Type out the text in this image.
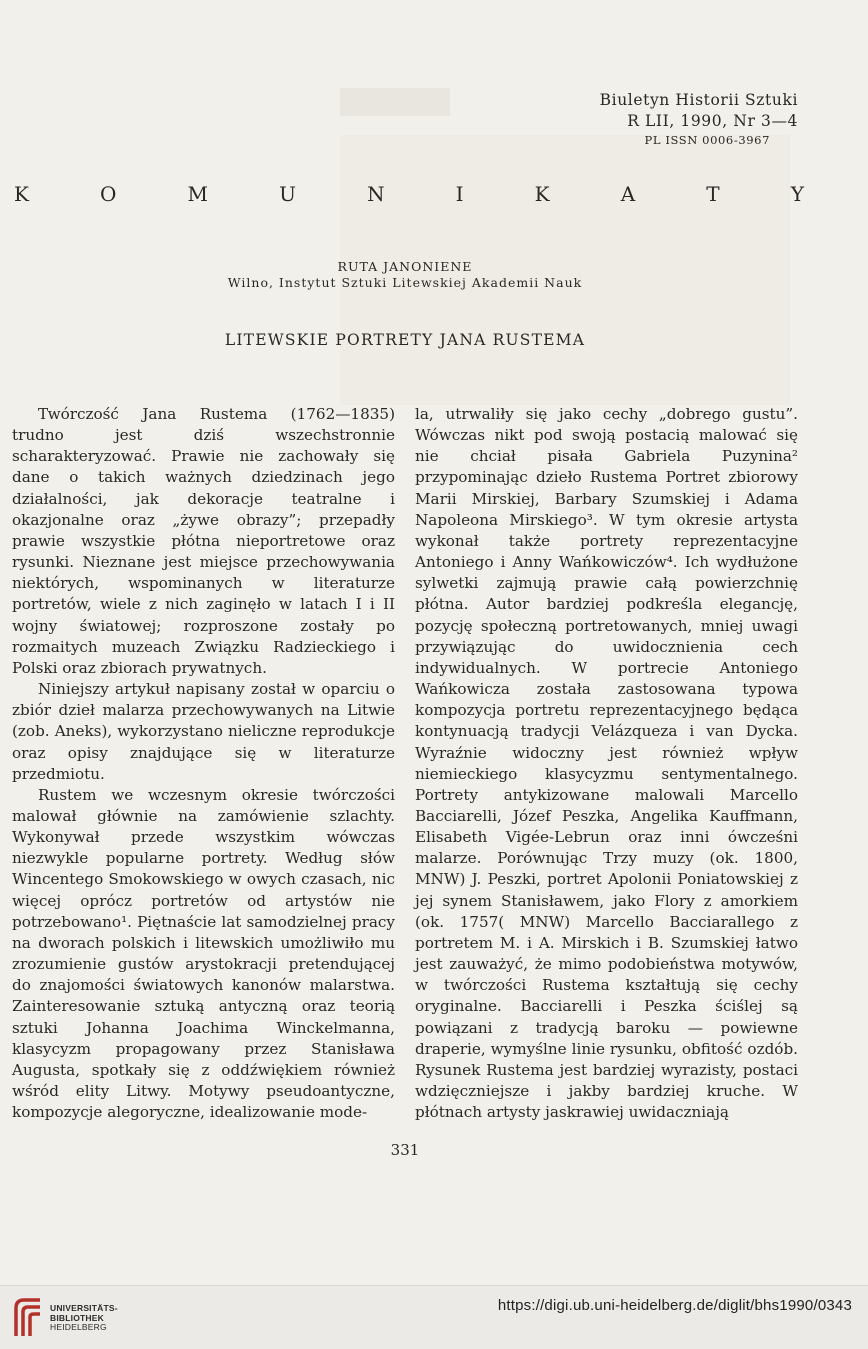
Biuletyn Historii Sztuki
R LII, 1990, Nr 3—4
PL ISSN 0006-3967
K	O	M	U	N	I	K	A	T	Y
RUTA JANONIENE
Wilno, Instytut Sztuki Litewskiej Akademii Nauk
LITEWSKIE PORTRETY JANA RUSTEMA

Twórczość Jana Rustema (1762—1835) trudno jest dziś wszechstronnie scharakteryzować. Prawie nie zachowały się dane o takich ważnych dziedzinach jego działalności, jak dekoracje teatralne i okazjonalne oraz „żywe obrazy”; przepadły prawie wszystkie płótna nieportretowe oraz rysunki. Nieznane jest miejsce przechowywania niektórych, wspominanych w literaturze portretów, wiele z nich zaginęło w latach I i II wojny światowej; rozproszone zostały po rozmaitych muzeach Związku Radzieckiego i Polski oraz zbiorach prywatnych.

Niniejszy artykuł napisany został w oparciu o zbiór dzieł malarza przechowywanych na Litwie (zob. Aneks), wykorzystano nieliczne reprodukcje oraz opisy znajdujące się w literaturze przedmiotu.

Rustem we wczesnym okresie twórczości malował głównie na zamówienie szlachty. Wykonywał przede wszystkim wówczas niezwykle popularne portrety. Według słów Wincentego Smokowskiego w owych czasach, nic więcej oprócz portretów od artystów nie potrzebowano¹. Piętnaście lat samodzielnej pracy na dworach polskich i litewskich umożliwiło mu zrozumienie gustów arystokracji pretendującej do znajomości światowych kanonów malarstwa. Zainteresowanie sztuką antyczną oraz teorią sztuki Johanna Joachima Winckelmanna, klasycyzm propagowany przez Stanisława Augusta, spotkały się z oddźwiękiem również wśród elity Litwy. Motywy pseudoantyczne, kompozycje alegoryczne, idealizowanie mode-

la, utrwaliły się jako cechy „dobrego gustu”. Wówczas nikt pod swoją postacią malować się nie chciał pisała Gabriela Puzynina² przypominając dzieło Rustema Portret zbiorowy Marii Mirskiej, Barbary Szumskiej i Adama Napoleona Mirskiego³. W tym okresie artysta wykonał także portrety reprezentacyjne Antoniego i Anny Wańkowiczów⁴. Ich wydłużone sylwetki zajmują prawie całą powierzchnię płótna. Autor bardziej podkreśla elegancję, pozycję społeczną portretowanych, mniej uwagi przywiązując do uwidocznienia cech indywidualnych. W portrecie Antoniego Wańkowicza została zastosowana typowa kompozycja portretu reprezentacyjnego będąca kontynuacją tradycji Velázqueza i van Dycka. Wyraźnie widoczny jest również wpływ niemieckiego klasycyzmu sentymentalnego. Portrety antykizowane malowali Marcello Bacciarelli, Józef Peszka, Angelika Kauffmann, Elisabeth Vigée-Lebrun oraz inni ówcześni malarze. Porównując Trzy muzy (ok. 1800, MNW) J. Peszki, portret Apolonii Poniatowskiej z jej synem Stanisławem, jako Flory z amorkiem (ok. 1757( MNW) Marcello Bacciarallego z portretem M. i A. Mirskich i B. Szumskiej łatwo jest zauważyć, że mimo podobieństwa motywów, w twórczości Rustema kształtują się cechy oryginalne. Bacciarelli i Peszka ściślej są powiązani z tradycją baroku — powiewne draperie, wymyślne linie rysunku, obfitość ozdób. Rysunek Rustema jest bardziej wyrazisty, postaci wdzięczniejsze i jakby bardziej kruche. W płótnach artysty jaskrawiej uwidaczniają

331
UNIVERSITÄTS-
BIBLIOTHEK
HEIDELBERG
https://digi.ub.uni-heidelberg.de/diglit/bhs1990/0343
